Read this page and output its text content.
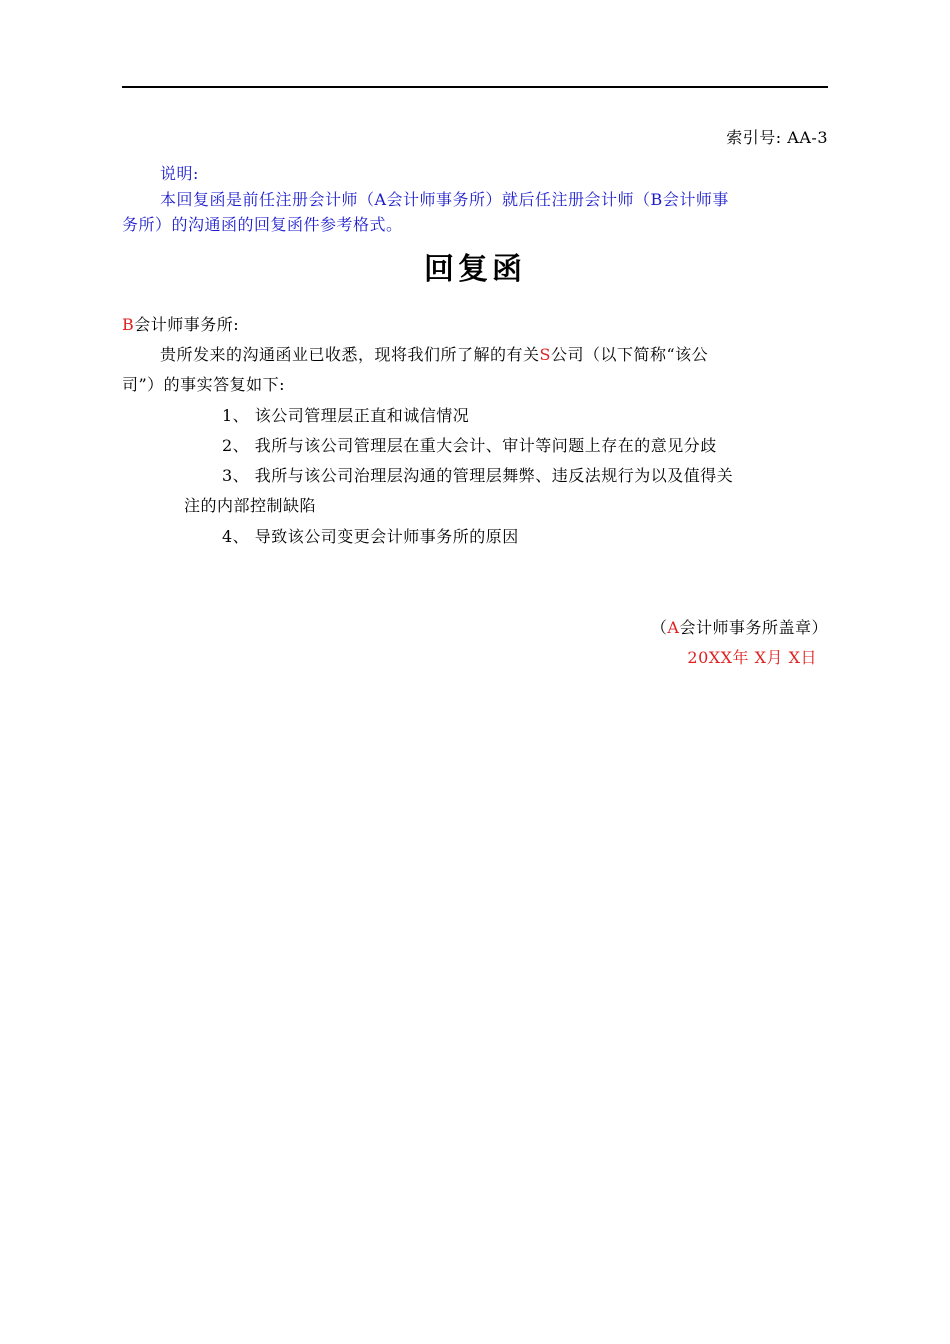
索引号: AA-3
说明:
本回复函是前任注册会计师（A会计师事务所）就后任注册会计师（B会计师事
务所）的沟通函的回复函件参考格式。
回复函
B会计师事务所:
贵所发来的沟通函业已收悉，现将我们所了解的有关S公司（以下简称“该公
司”）的事实答复如下:
1、 该公司管理层正直和诚信情况
2、 我所与该公司管理层在重大会计、审计等问题上存在的意见分歧
3、 我所与该公司治理层沟通的管理层舞弊、违反法规行为以及值得关
注的内部控制缺陷
4、 导致该公司变更会计师事务所的原因
（A会计师事务所盖章）
20XX年 X月 X日
